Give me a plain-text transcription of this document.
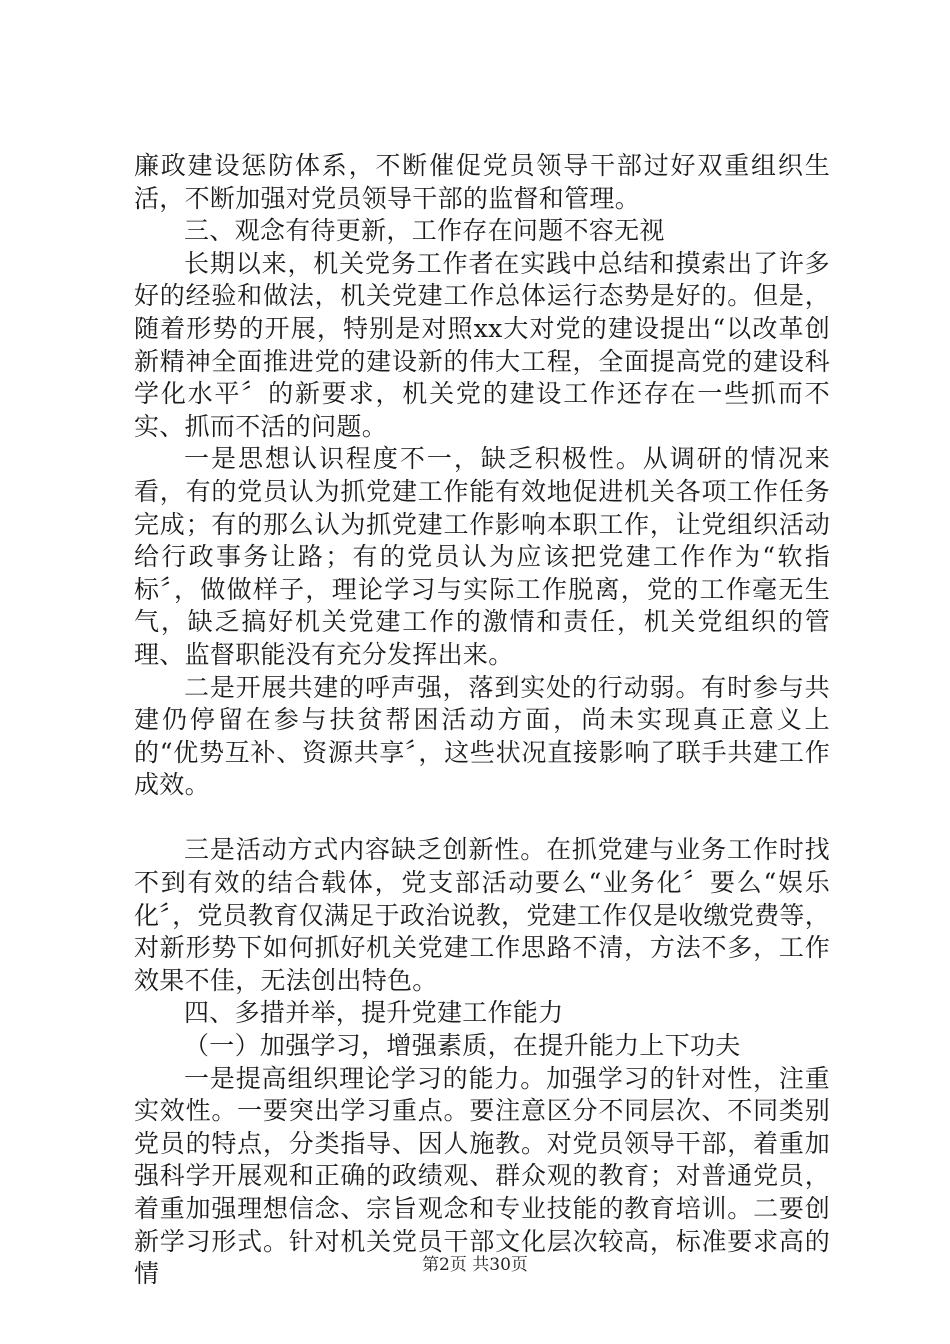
廉政建设惩防体系，不断催促党员领导干部过好双重组织生活，不断加强对党员领导干部的监督和管理。

三、观念有待更新，工作存在问题不容无视

长期以来，机关党务工作者在实践中总结和摸索出了许多好的经验和做法，机关党建工作总体运行态势是好的。但是，随着形势的开展，特别是对照xx大对党的建设提出“以改革创新精神全面推进党的建设新的伟大工程，全面提高党的建设科学化水平〞的新要求，机关党的建设工作还存在一些抓而不实、抓而不活的问题。

一是思想认识程度不一，缺乏积极性。从调研的情况来看，有的党员认为抓党建工作能有效地促进机关各项工作任务完成；有的那么认为抓党建工作影响本职工作，让党组织活动给行政事务让路；有的党员认为应该把党建工作作为“软指标〞，做做样子，理论学习与实际工作脱离，党的工作毫无生气，缺乏搞好机关党建工作的激情和责任，机关党组织的管理、监督职能没有充分发挥出来。

二是开展共建的呼声强，落到实处的行动弱。有时参与共建仍停留在参与扶贫帮困活动方面，尚未实现真正意义上的“优势互补、资源共享〞，这些状况直接影响了联手共建工作成效。

三是活动方式内容缺乏创新性。在抓党建与业务工作时找不到有效的结合载体，党支部活动要么“业务化〞要么“娱乐化〞，党员教育仅满足于政治说教，党建工作仅是收缴党费等，对新形势下如何抓好机关党建工作思路不清，方法不多，工作效果不佳，无法创出特色。

四、多措并举，提升党建工作能力

（一）加强学习，增强素质，在提升能力上下功夫

一是提高组织理论学习的能力。加强学习的针对性，注重实效性。一要突出学习重点。要注意区分不同层次、不同类别党员的特点，分类指导、因人施教。对党员领导干部，着重加强科学开展观和正确的政绩观、群众观的教育；对普通党员，着重加强理想信念、宗旨观念和专业技能的教育培训。二要创新学习形式。针对机关党员干部文化层次较高，标准要求高的情	第2页 共30页
